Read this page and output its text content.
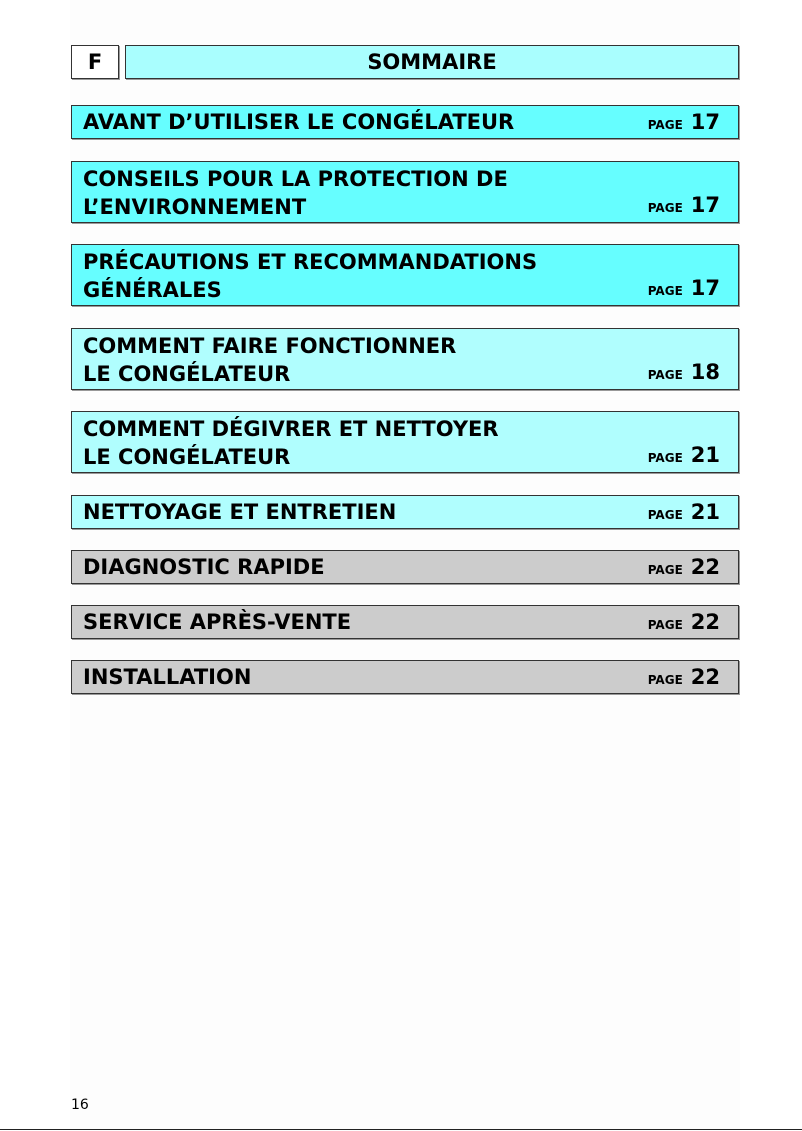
F	SOMMAIRE
AVANT D’UTILISER LE CONGÉLATEUR	PAGE 17
CONSEILS POUR LA PROTECTION DE
L’ENVIRONNEMENT	PAGE 17
PRÉCAUTIONS ET RECOMMANDATIONS
GÉNÉRALES	PAGE 17
COMMENT FAIRE FONCTIONNER
LE CONGÉLATEUR	PAGE 18
COMMENT DÉGIVRER ET NETTOYER
LE CONGÉLATEUR	PAGE 21
NETTOYAGE ET ENTRETIEN	PAGE 21
DIAGNOSTIC RAPIDE	PAGE 22
SERVICE APRÈS-VENTE	PAGE 22
INSTALLATION	PAGE 22
16
